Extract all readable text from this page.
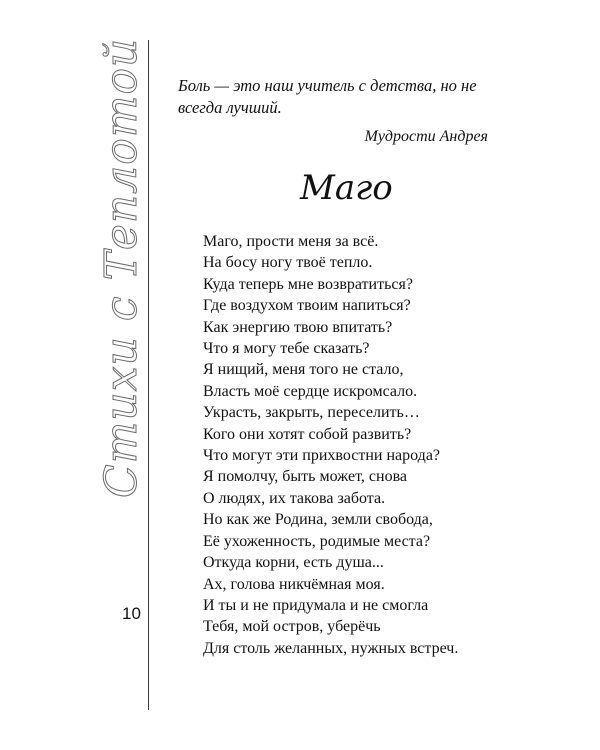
Стихи с Теплотой
10
Боль — это наш учитель с детства, но не
всегда лучший.
Мудрости Андрея
Маго
Маго, прости меня за всё.
На босу ногу твоё тепло.
Куда теперь мне возвратиться?
Где воздухом твоим напиться?
Как энергию твою впитать?
Что я могу тебе сказать?
Я нищий, меня того не стало,
Власть моё сердце искромсало.
Украсть, закрыть, переселить…
Кого они хотят собой развить?
Что могут эти прихвостни народа?
Я помолчу, быть может, снова
О людях, их такова забота.
Но как же Родина, земли свобода,
Её ухоженность, родимые места?
Откуда корни, есть душа...
Ах, голова никчёмная моя.
И ты и не придумала и не смогла
Тебя, мой остров, уберёчь
Для столь желанных, нужных встреч.
